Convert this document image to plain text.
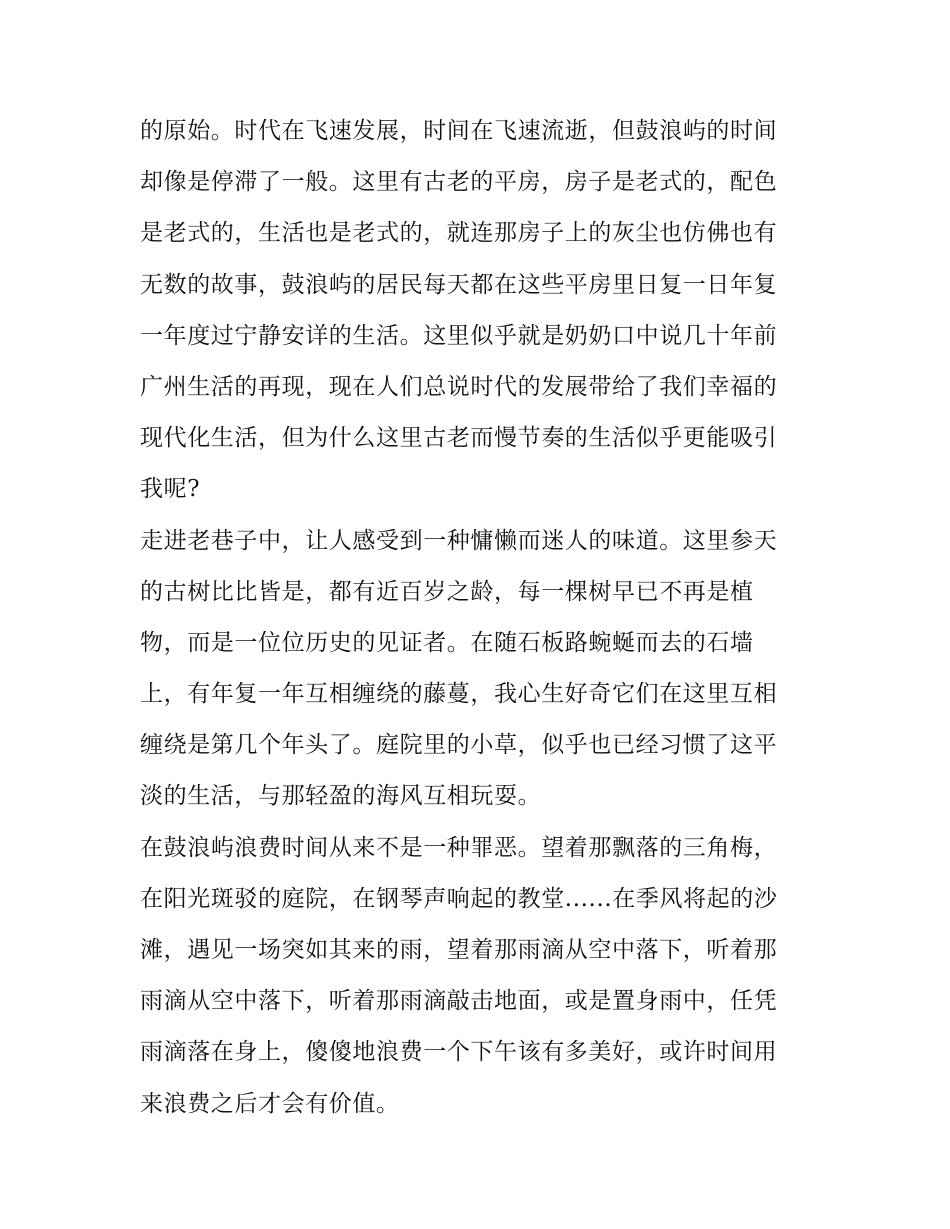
的原始。时代在飞速发展，时间在飞速流逝，但鼓浪屿的时间
却像是停滞了一般。这里有古老的平房，房子是老式的，配色
是老式的，生活也是老式的，就连那房子上的灰尘也仿佛也有
无数的故事，鼓浪屿的居民每天都在这些平房里日复一日年复
一年度过宁静安详的生活。这里似乎就是奶奶口中说几十年前
广州生活的再现，现在人们总说时代的发展带给了我们幸福的
现代化生活，但为什么这里古老而慢节奏的生活似乎更能吸引
我呢?
走进老巷子中，让人感受到一种慵懒而迷人的味道。这里参天
的古树比比皆是，都有近百岁之龄，每一棵树早已不再是植
物，而是一位位历史的见证者。在随石板路蜿蜒而去的石墙
上，有年复一年互相缠绕的藤蔓，我心生好奇它们在这里互相
缠绕是第几个年头了。庭院里的小草，似乎也已经习惯了这平
淡的生活，与那轻盈的海风互相玩耍。
在鼓浪屿浪费时间从来不是一种罪恶。望着那飘落的三角梅，
在阳光斑驳的庭院，在钢琴声响起的教堂......在季风将起的沙
滩，遇见一场突如其来的雨，望着那雨滴从空中落下，听着那
雨滴从空中落下，听着那雨滴敲击地面，或是置身雨中，任凭
雨滴落在身上，傻傻地浪费一个下午该有多美好，或许时间用
来浪费之后才会有价值。
